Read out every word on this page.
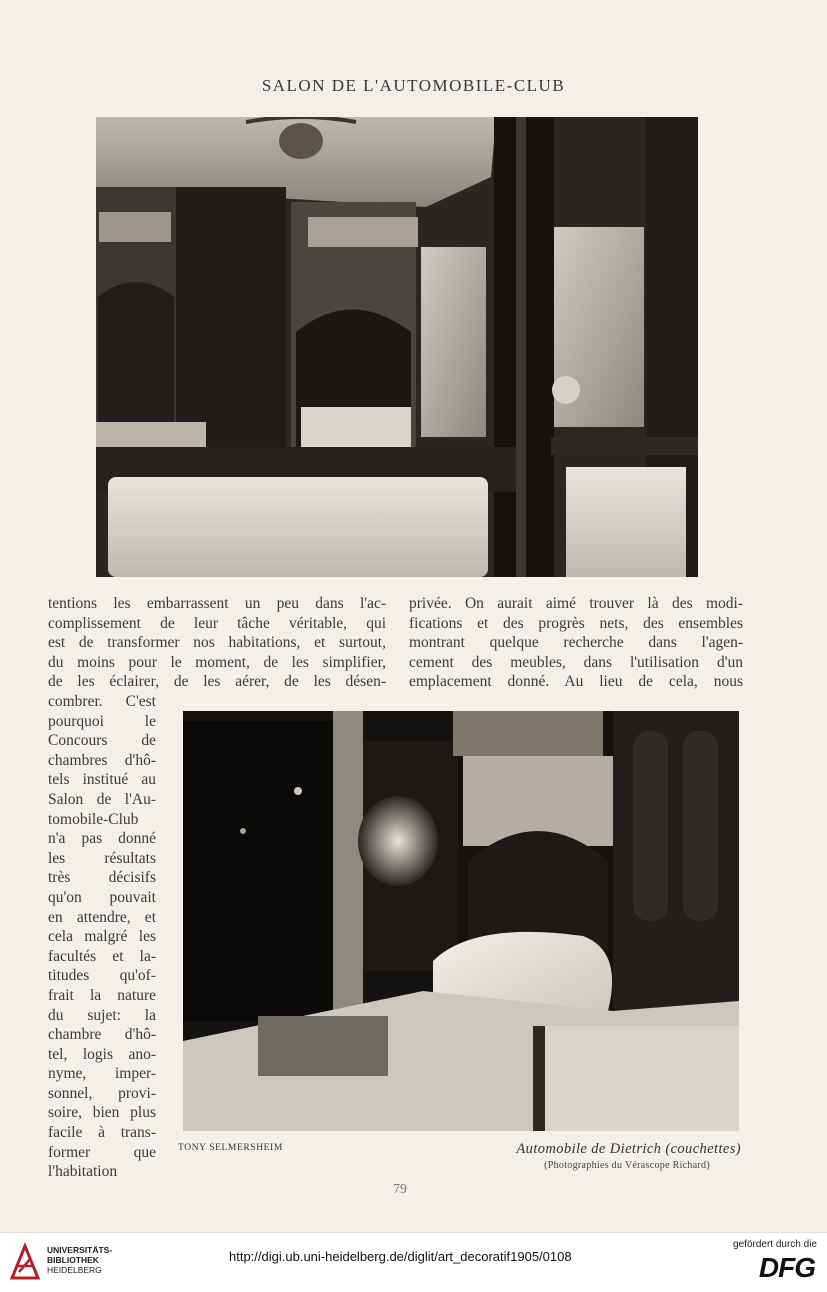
SALON DE L'AUTOMOBILE-CLUB
tentions les embarrassent un peu dans l'ac-
complissement de leur tâche véritable, qui
est de transformer nos habitations, et surtout,
du moins pour le moment, de les simplifier,
de les éclairer, de les aérer, de les désen-
privée. On aurait aimé trouver là des modi-
fications et des progrès nets, des ensembles
montrant quelque recherche dans l'agen-
cement des meubles, dans l'utilisation d'un
emplacement donné. Au lieu de cela, nous
combrer. C'est
pourquoi le
Concours de
chambres d'hô-
tels institué au
Salon de l'Au-
tomobile-Club
n'a pas donné
les résultats
très décisifs
qu'on pouvait
en attendre, et
cela malgré les
facultés et la-
titudes qu'of-
frait la nature
du sujet: la
chambre d'hô-
tel, logis ano-
nyme, imper-
sonnel, provi-
soire, bien plus
facile à trans-
former que
l'habitation
TONY SELMERSHEIM	Automobile de Dietrich (couchettes)
(Photographies du Vérascope Richard)
79
UNIVERSITÄTS-
BIBLIOTHEK
HEIDELBERG
http://digi.ub.uni-heidelberg.de/diglit/art_decoratif1905/0108
gefördert durch die
DFG
